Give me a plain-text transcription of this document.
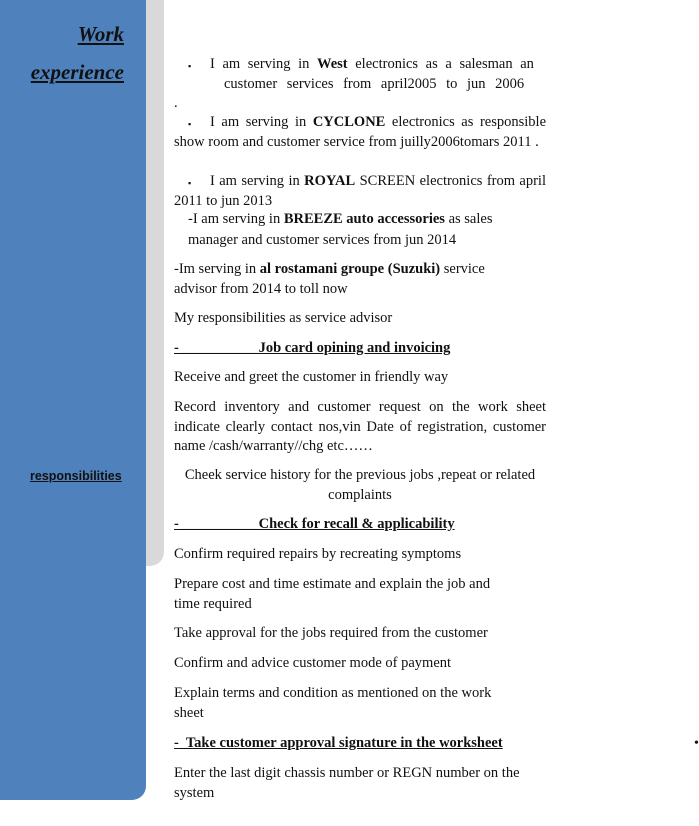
Work
experience
responsibilities
▪	I am serving in West electronics as a salesman an
customer services from april2005 to jun 2006
.
▪ I am serving in CYCLONE electronics as responsible show room and customer service from juilly2006tomars 2011 .
▪ I am serving in ROYAL SCREEN electronics from april 2011 to jun 2013
-I am serving in BREEZE auto accessories as sales
manager and customer services from jun 2014
-Im serving in al rostamani groupe (Suzuki) service
advisor from 2014 to toll now
My responsibilities as service advisor
-___________Job card opining and invoicing
Receive and greet the customer in friendly way
Record inventory and customer request on the work sheet indicate clearly contact nos,vin Date of registration, customer name /cash/warranty//chg etc……
Cheek service history for the previous jobs ,repeat or related complaints
-___________Check for recall & applicability
Confirm required repairs by recreating symptoms
Prepare cost and time estimate and explain the job and time required
Take approval for the jobs required from the customer
Confirm and advice customer mode of payment
Explain terms and condition as mentioned on the work sheet
-  Take customer approval signature in the worksheet	•
Enter the last digit chassis number or REGN number on the system
